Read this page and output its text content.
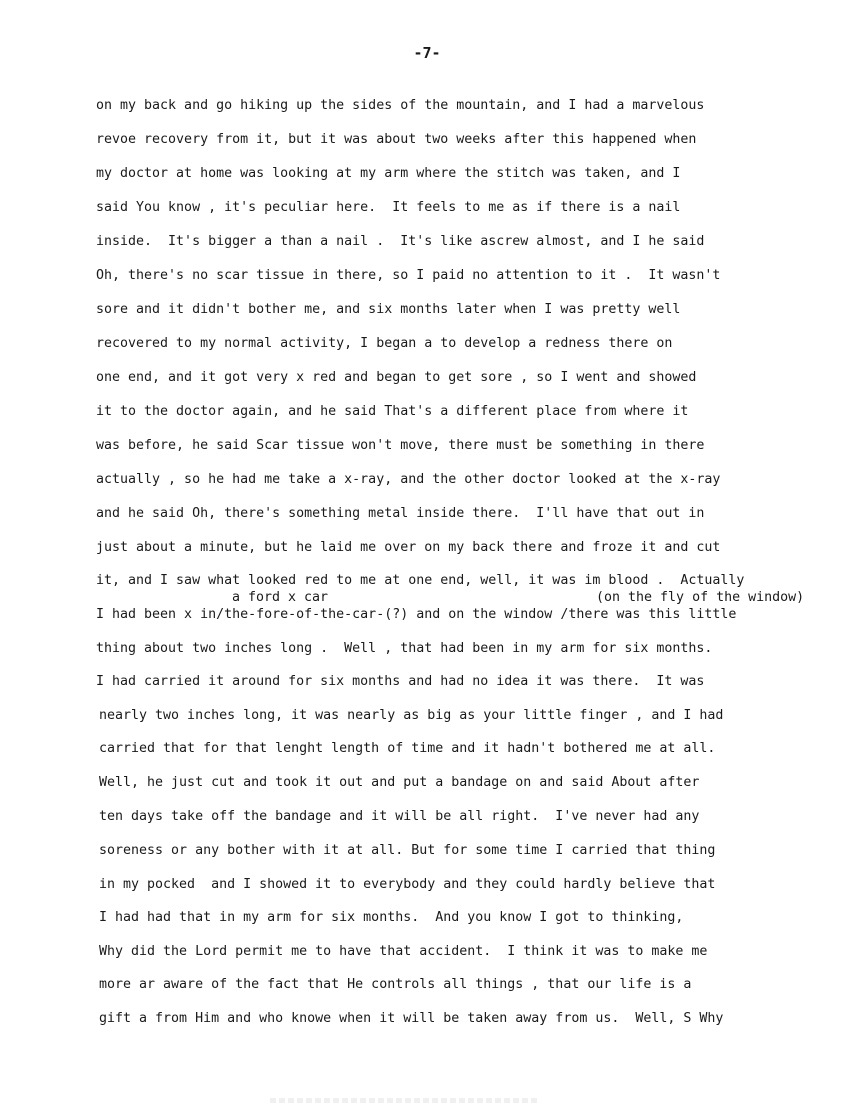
-7-
on my back and go hiking up the sides of the mountain, and I had a marvelous
revoe recovery from it, but it was about two weeks after this happened when
my doctor at home was looking at my arm where the stitch was taken, and I
said You know , it's peculiar here.  It feels to me as if there is a nail
inside.  It's bigger a than a nail .  It's like ascrew almost, and I he said
Oh, there's no scar tissue in there, so I paid no attention to it .  It wasn't
sore and it didn't bother me, and six months later when I was pretty well
recovered to my normal activity, I began a to develop a redness there on
one end, and it got very x red and began to get sore , so I went and showed
it to the doctor again, and he said That's a different place from where it
was before, he said Scar tissue won't move, there must be something in there
actually , so he had me take a x-ray, and the other doctor looked at the x-ray
and he said Oh, there's something metal inside there.  I'll have that out in
just about a minute, but he laid me over on my back there and froze it and cut
it, and I saw what looked red to me at one end, well, it was im blood .  Actually
a ford x car	(on the fly of the window)
I had been x in/the-fore-of-the-car-(?) and on the window /there was this little
thing about two inches long .  Well , that had been in my arm for six months.
I had carried it around for six months and had no idea it was there.  It was
nearly two inches long, it was nearly as big as your little finger , and I had
carried that for that lenght length of time and it hadn't bothered me at all.
Well, he just cut and took it out and put a bandage on and said About after
ten days take off the bandage and it will be all right.  I've never had any
soreness or any bother with it at all. But for some time I carried that thing
in my pocked  and I showed it to everybody and they could hardly believe that
I had had that in my arm for six months.  And you know I got to thinking,
Why did the Lord permit me to have that accident.  I think it was to make me
more ar aware of the fact that He controls all things , that our life is a
gift a from Him and who knowe when it will be taken away from us.  Well, S Why
